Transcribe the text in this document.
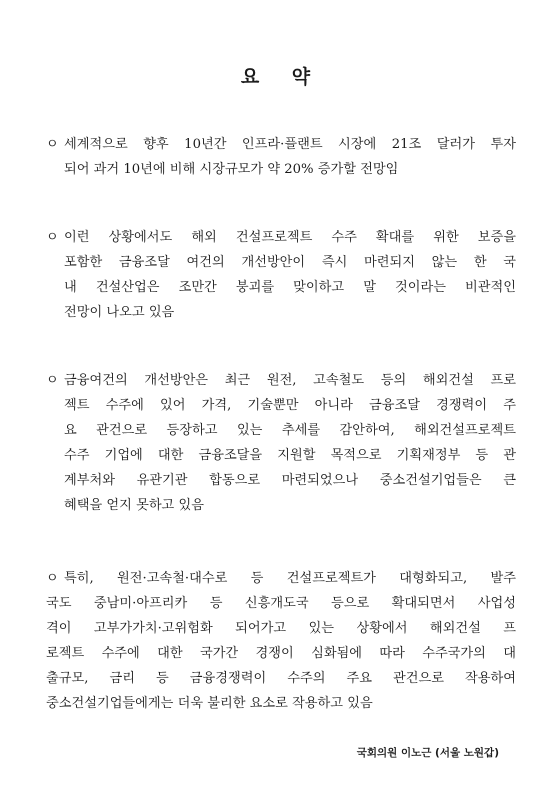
요 약
ㅇ 세계적으로 향후 10년간 인프라·플랜트 시장에 21조 달러가 투자
되어 과거 10년에 비해 시장규모가 약 20% 증가할 전망임
ㅇ 이런 상황에서도 해외 건설프로젝트 수주 확대를 위한 보증을
포함한 금융조달 여건의 개선방안이 즉시 마련되지 않는 한 국
내 건설산업은 조만간 붕괴를 맞이하고 말 것이라는 비관적인
전망이 나오고 있음
ㅇ 금융여건의 개선방안은 최근 원전, 고속철도 등의 해외건설 프로
젝트 수주에 있어 가격, 기술뿐만 아니라 금융조달 경쟁력이 주
요 관건으로 등장하고 있는 추세를 감안하여, 해외건설프로젝트
수주 기업에 대한 금융조달을 지원할 목적으로 기획재정부 등 관
계부처와 유관기관 합동으로 마련되었으나 중소건설기업들은 큰
혜택을 얻지 못하고 있음
ㅇ 특히, 원전·고속철·대수로 등 건설프로젝트가 대형화되고, 발주
국도 중남미·아프리카 등 신흥개도국 등으로 확대되면서 사업성
격이 고부가가치·고위험화 되어가고 있는 상황에서 해외건설 프
로젝트 수주에 대한 국가간 경쟁이 심화됨에 따라 수주국가의 대
출규모, 금리 등 금융경쟁력이 수주의 주요 관건으로 작용하여
중소건설기업들에게는 더욱 불리한 요소로 작용하고 있음
국회의원 이노근 (서울 노원갑)
